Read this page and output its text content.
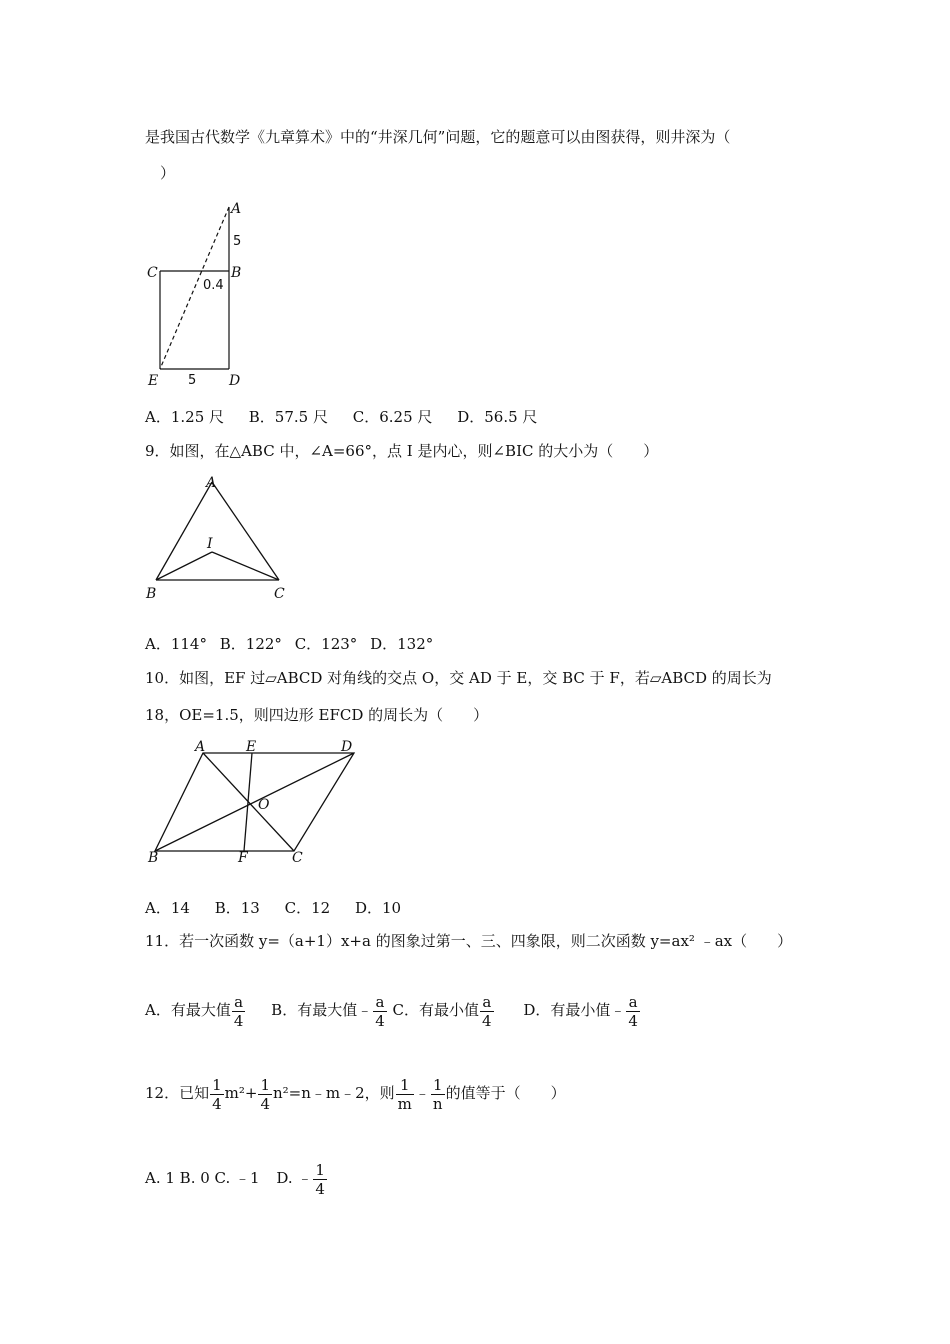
是我国古代数学《九章算术》中的“井深几何”问题，它的题意可以由图获得，则井深为（
）
A
5
C	B
0.4
E 5 D
A．1.25 尺 B．57.5 尺 C．6.25 尺 D．56.5 尺
9．如图，在△ABC 中，∠A=66°，点 I 是内心，则∠BIC 的大小为（　　）
A
I
B	C
A．114° B．122° C．123° D．132°
10．如图，EF 过▱ABCD 对角线的交点 O，交 AD 于 E，交 BC 于 F，若▱ABCD 的周长为
18，OE=1.5，则四边形 EFCD 的周长为（　　）
A	E	D
O
B	F	C
A．14 B．13 C．12 D．10
11．若一次函数 y=（a+1）x+a 的图象过第一、三、四象限，则二次函数 y=ax² ﹣ax（　　）
A．有最大值 $\frac{a}{4}$ B．有最大值﹣ $\frac{a}{4}$ C．有最小值 $\frac{a}{4}$ D．有最小值﹣ $\frac{a}{4}$
12．已知 $\frac{1}{4} m^2+ \frac{1}{4}$ n²=n﹣m﹣2，则 $\frac{1}{m}$ ﹣ $\frac{1}{n}$ 的值等于（　　）
A. 1 B. 0 C. ﹣1 D. ﹣ $\frac{1}{4}$
